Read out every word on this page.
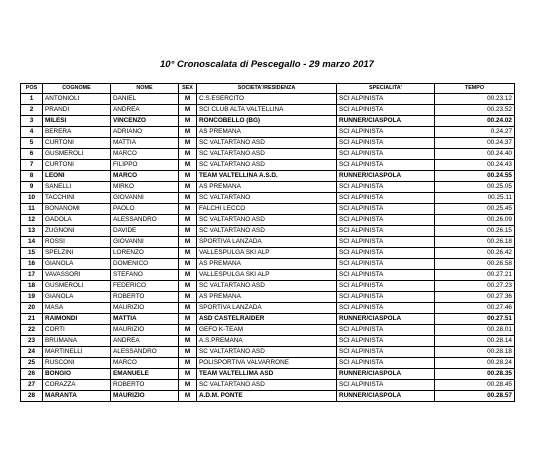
10° Cronoscalata di Pescegallo - 29 marzo 2017
POS	COGNOME	NOME	SEX	SOCIETA'/RESIDENZA	SPECIALITA'	TEMPO
1	ANTONIOLI	DANIEL	M	C.S.ESERCITO	SCI ALPINISTA	00.23.12
2	PRANDI	ANDREA	M	SCI CLUB ALTA VALTELLINA	SCI ALPINISTA	00.23.52
3	MILESI	VINCENZO	M	RONCOBELLO (BG)	RUNNER/CIASPOLA	00.24.02
4	BERERA	ADRIANO	M	AS PREMANA	SCI ALPINISTA	0.24.27
5	CURTONI	MATTIA	M	SC VALTARTANO ASD	SCI ALPINISTA	00.24.37
6	GUSMEROLI	MARCO	M	SC VALTARTANO ASD	SCI ALPINISTA	00.24.40
7	CURTONI	FILIPPO	M	SC VALTARTANO ASD	SCI ALPINISTA	00.24.43
8	LEONI	MARCO	M	TEAM VALTELLINA A.S.D.	RUNNER/CIASPOLA	00.24.55
9	SANELLI	MIRKO	M	AS PREMANA	SCI ALPINISTA	00.25.05
10	TACCHINI	GIOVANNI	M	SC VALTARTANO	SCI ALPINISTA	00.25.11
11	BONANOMI	PAOLO	M	FALCHI LECCO	SCI ALPINISTA	00.25.45
12	GADOLA	ALESSANDRO	M	SC VALTARTANO ASD	SCI ALPINISTA	00.26.09
13	ZUGNONI	DAVIDE	M	SC VALTARTANO ASD	SCI ALPINISTA	00.26.15
14	ROSSI	GIOVANNI	M	SPORTIVA LANZADA	SCI ALPINISTA	00.26.18
15	SPELZINI	LORENZO	M	VALLESPULGA SKI ALP	SCI ALPINISTA	00.26.42
16	GIANOLA	DOMENICO	M	AS PREMANA	SCI ALPINISTA	00.26.58
17	VAVASSORI	STEFANO	M	VALLESPULGA SKI ALP	SCI ALPINISTA	00.27.21
18	GUSMEROLI	FEDERICO	M	SC VALTARTANO ASD	SCI ALPINISTA	00.27.23
19	GIANOLA	ROBERTO	M	AS PREMANA	SCI ALPINISTA	00.27.36
20	MASA	MAURIZIO	M	SPORTIVA LANZADA	SCI ALPINISTA	00.27.46
21	RAIMONDI	MATTIA	M	ASD CASTELRAIDER	RUNNER/CIASPOLA	00.27.51
22	CORTI	MAURIZIO	M	GEFO K-TEAM	SCI ALPINISTA	00.28.01
23	BRUMANA	ANDREA	M	A.S.PREMANA	SCI ALPINISTA	00.28.14
24	MARTINELLI	ALESSANDRO	M	SC VALTARTANO ASD	SCI ALPINISTA	00.28.18
25	RUSCONI	MARCO	M	POLISPORTIVA VALVARRONE	SCI ALPINISTA	00.28.24
26	BONGIO	EMANUELE	M	TEAM VALTELLIMA ASD	RUNNER/CIASPOLA	00.28.35
27	CORAZZA	ROBERTO	M	SC VALTARTANO ASD	SCI ALPINISTA	00.28.45
28	MARANTA	MAURIZIO	M	A.D.M. PONTE	RUNNER/CIASPOLA	00.28.57
